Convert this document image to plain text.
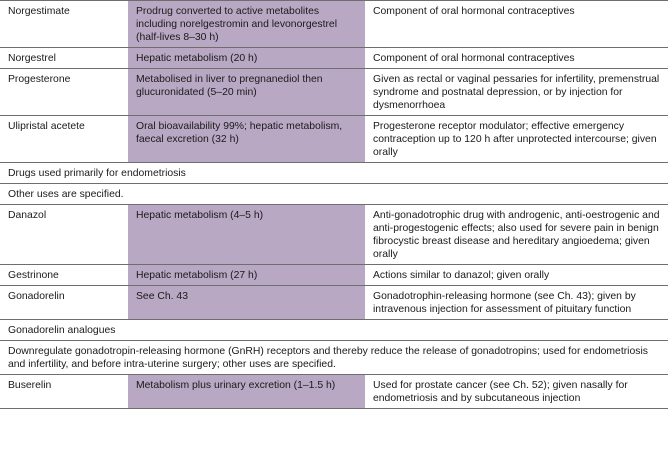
Norgestimate	Prodrug converted to active metabolites including norelgestromin and levonorgestrel (half-lives 8–30 h)	Component of oral hormonal contraceptives
Norgestrel	Hepatic metabolism (20 h)	Component of oral hormonal contraceptives
Progesterone	Metabolised in liver to pregnanediol then glucuronidated (5–20 min)	Given as rectal or vaginal pessaries for infertility, premenstrual syndrome and postnatal depression, or by injection for dysmenorrhoea
Ulipristal acetete	Oral bioavailability 99%; hepatic metabolism, faecal excretion (32 h)	Progesterone receptor modulator; effective emergency contraception up to 120 h after unprotected intercourse; given orally
Drugs used primarily for endometriosis		
Other uses are specified.		
Danazol	Hepatic metabolism (4–5 h)	Anti-gonadotrophic drug with androgenic, anti-oestrogenic and anti-progestogenic effects; also used for severe pain in benign fibrocystic breast disease and hereditary angioedema; given orally
Gestrinone	Hepatic metabolism (27 h)	Actions similar to danazol; given orally
Gonadorelin	See Ch. 43	Gonadotrophin-releasing hormone (see Ch. 43); given by intravenous injection for assessment of pituitary function
Gonadorelin analogues		
Downregulate gonadotropin-releasing hormone (GnRH) receptors and thereby reduce the release of gonadotropins; used for endometriosis and infertility, and before intra-uterine surgery; other uses are specified.		
Buserelin	Metabolism plus urinary excretion (1–1.5 h)	Used for prostate cancer (see Ch. 52); given nasally for endometriosis and by subcutaneous injection
